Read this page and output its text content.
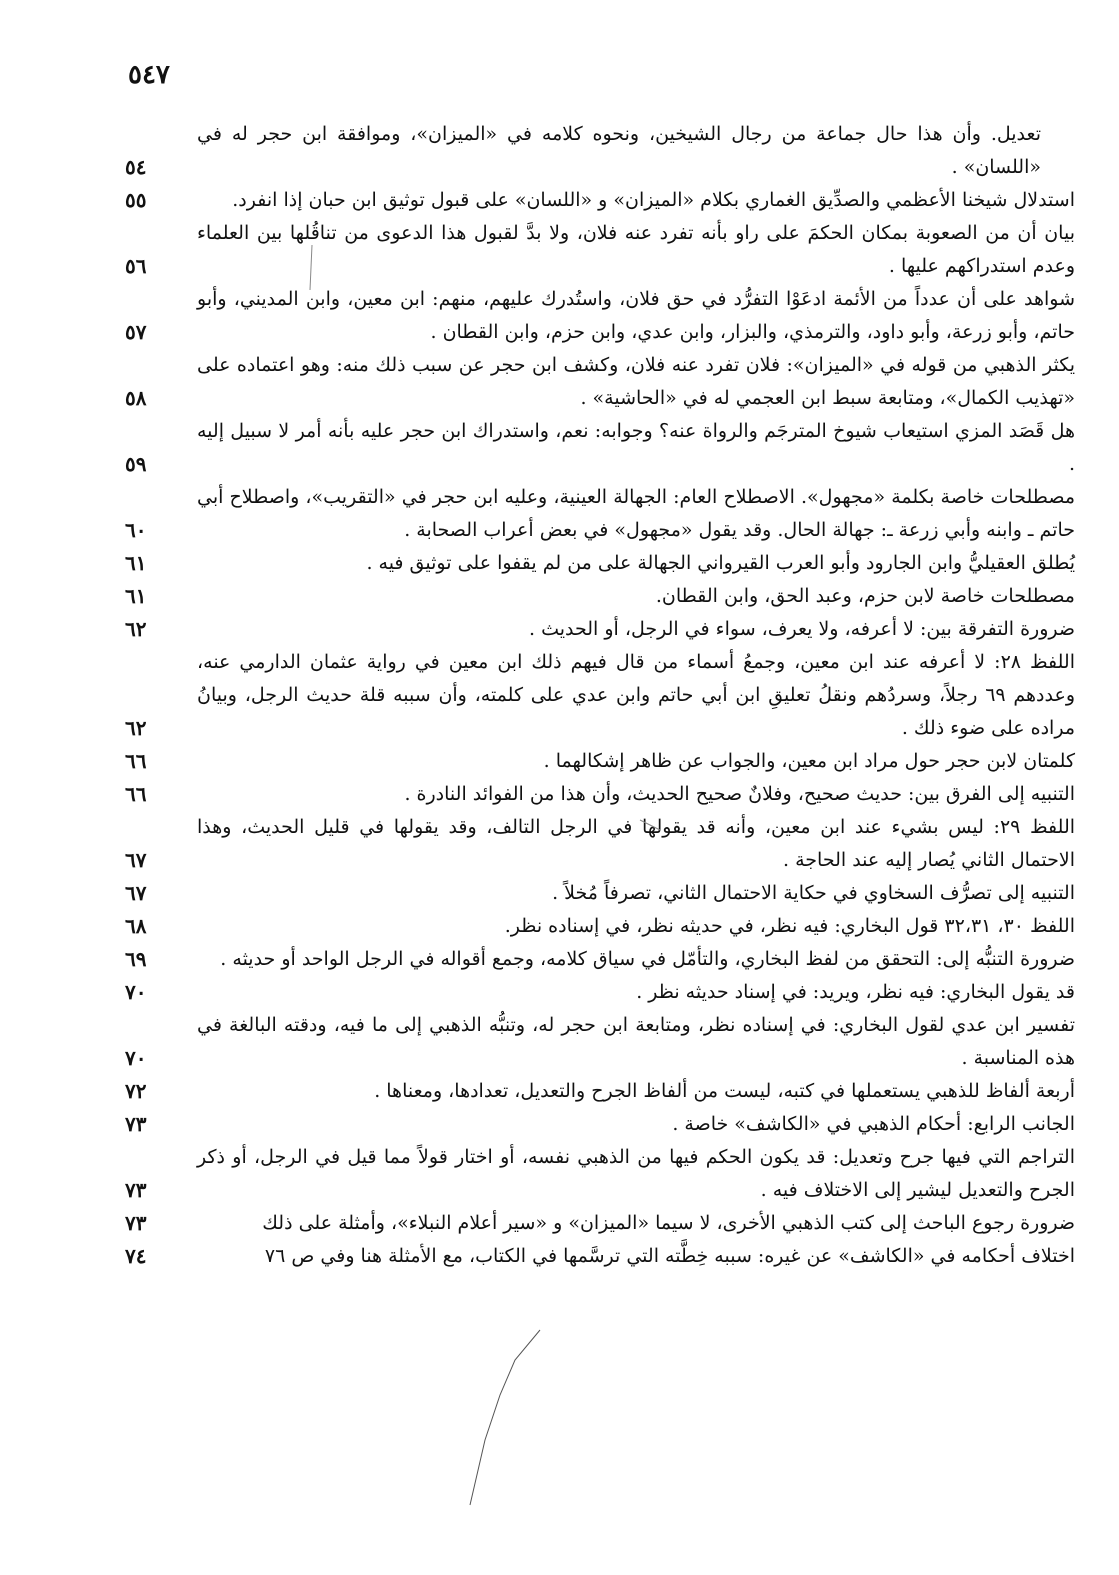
٥٤٧
تعديل. وأن هذا حال جماعة من رجال الشيخين، ونحوه كلامه في «الميزان»، وموافقة ابن حجر له في «اللسان» .
٥٤
استدلال شيخنا الأعظمي والصدِّيق الغماري بكلام «الميزان» و «اللسان» على قبول توثيق ابن حبان إذا انفرد.
٥٥
بيان أن من الصعوبة بمكان الحكمَ على راو بأنه تفرد عنه فلان، ولا بدَّ لقبول هذا الدعوى من تناقُلها بين العلماء وعدم استدراكهم عليها .
٥٦
شواهد على أن عدداً من الأئمة ادعَوْا التفرُّد في حق فلان، واستُدرك عليهم، منهم: ابن معين، وابن المديني، وأبو حاتم، وأبو زرعة، وأبو داود، والترمذي، والبزار، وابن عدي، وابن حزم، وابن القطان .
٥٧
يكثر الذهبي من قوله في «الميزان»: فلان تفرد عنه فلان، وكشف ابن حجر عن سبب ذلك منه: وهو اعتماده على «تهذيب الكمال»، ومتابعة سبط ابن العجمي له في «الحاشية» .
٥٨
هل قَصَد المزي استيعاب شيوخ المترجَم والرواة عنه؟ وجوابه: نعم، واستدراك ابن حجر عليه بأنه أمر لا سبيل إليه .
٥٩
مصطلحات خاصة بكلمة «مجهول». الاصطلاح العام: الجهالة العينية، وعليه ابن حجر في «التقريب»، واصطلاح أبي حاتم ـ وابنه وأبي زرعة ـ: جهالة الحال. وقد يقول «مجهول» في بعض أعراب الصحابة .
٦٠
يُطلق العقيليُّ وابن الجارود وأبو العرب القيرواني الجهالة على من لم يقفوا على توثيق فيه .
٦١
مصطلحات خاصة لابن حزم، وعبد الحق، وابن القطان.
٦١
ضرورة التفرقة بين: لا أعرفه، ولا يعرف، سواء في الرجل، أو الحديث .
٦٢
اللفظ ٢٨: لا أعرفه عند ابن معين، وجمعُ أسماء من قال فيهم ذلك ابن معين في رواية عثمان الدارمي عنه، وعددهم ٦٩ رجلاً، وسردُهم ونقلُ تعليقِ ابن أبي حاتم وابن عدي على كلمته، وأن سببه قلة حديث الرجل، وبيانُ مراده على ضوء ذلك .
٦٢
كلمتان لابن حجر حول مراد ابن معين، والجواب عن ظاهر إشكالهما .
٦٦
التنبيه إلى الفرق بين: حديث صحيح، وفلانٌ صحيح الحديث، وأن هذا من الفوائد النادرة .
٦٦
اللفظ ٢٩: ليس بشيء عند ابن معين، وأنه قد يقولها في الرجل التالف، وقد يقولها في قليل الحديث، وهذا الاحتمال الثاني يُصار إليه عند الحاجة .
٦٧
التنبيه إلى تصرُّف السخاوي في حكاية الاحتمال الثاني، تصرفاً مُخلاً .
٦٧
اللفظ ٣٠، ٣٢،٣١ قول البخاري: فيه نظر، في حديثه نظر، في إسناده نظر.
٦٨
ضرورة التنبُّه إلى: التحقق من لفظ البخاري، والتأمّل في سياق كلامه، وجمع أقواله في الرجل الواحد أو حديثه .
٦٩
قد يقول البخاري: فيه نظر، ويريد: في إسناد حديثه نظر .
٧٠
تفسير ابن عدي لقول البخاري: في إسناده نظر، ومتابعة ابن حجر له، وتنبُّه الذهبي إلى ما فيه، ودقته البالغة في هذه المناسبة .
٧٠
أربعة ألفاظ للذهبي يستعملها في كتبه، ليست من ألفاظ الجرح والتعديل، تعدادها، ومعناها .
٧٢
الجانب الرابع: أحكام الذهبي في «الكاشف» خاصة .
٧٣
التراجم التي فيها جرح وتعديل: قد يكون الحكم فيها من الذهبي نفسه، أو اختار قولاً مما قيل في الرجل، أو ذكر الجرح والتعديل ليشير إلى الاختلاف فيه .
٧٣
ضرورة رجوع الباحث إلى كتب الذهبي الأخرى، لا سيما «الميزان» و «سير أعلام النبلاء»، وأمثلة على ذلك
٧٣
اختلاف أحكامه في «الكاشف» عن غيره: سببه خِطَّته التي ترسَّمها في الكتاب، مع الأمثلة هنا وفي ص ٧٦
٧٤
